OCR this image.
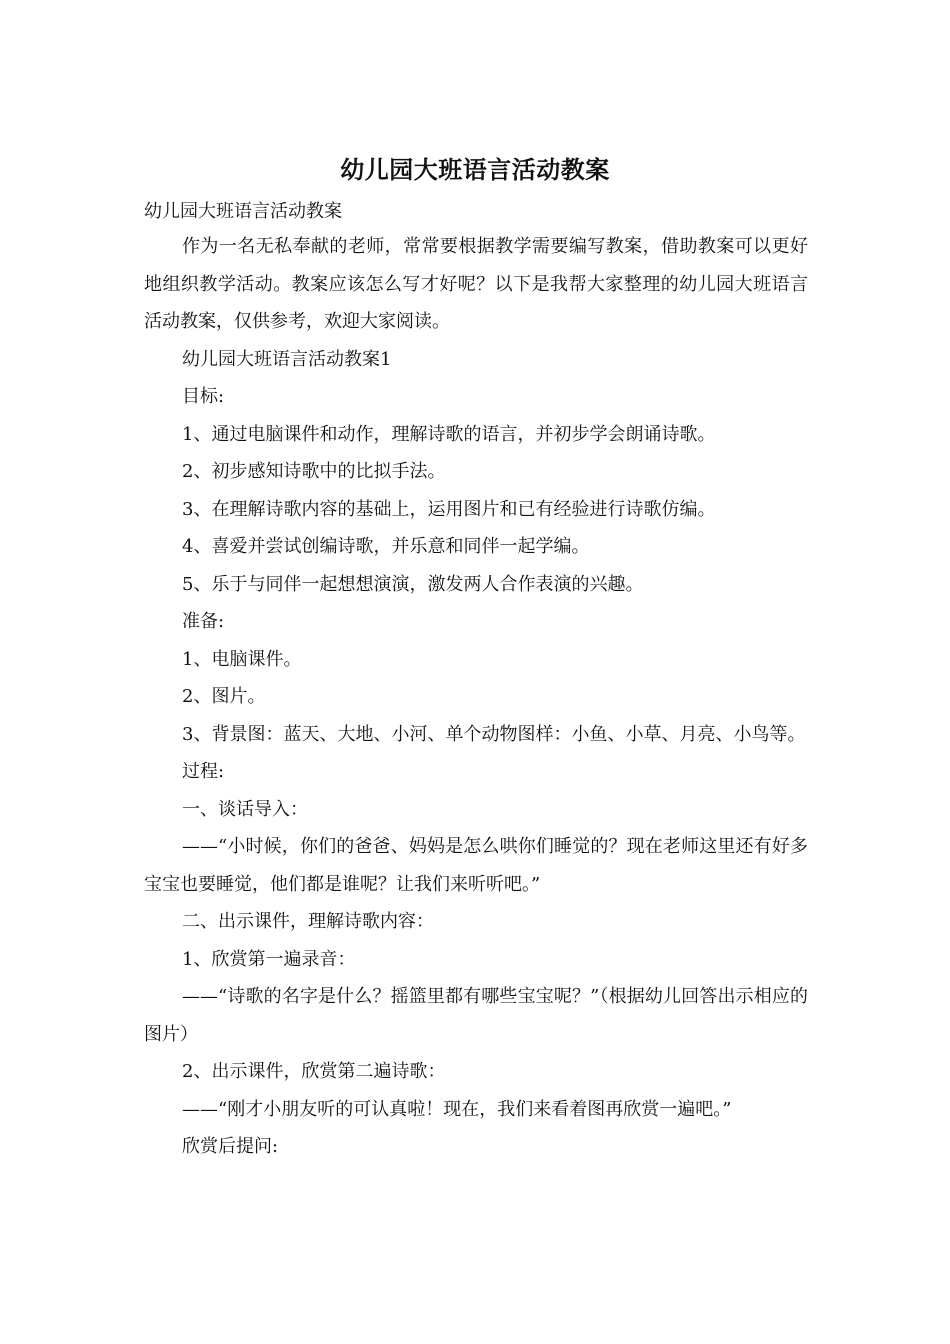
幼儿园大班语言活动教案
幼儿园大班语言活动教案

作为一名无私奉献的老师，常常要根据教学需要编写教案，借助教案可以更好地组织教学活动。教案应该怎么写才好呢？以下是我帮大家整理的幼儿园大班语言活动教案，仅供参考，欢迎大家阅读。

幼儿园大班语言活动教案1

目标:

1、通过电脑课件和动作，理解诗歌的语言，并初步学会朗诵诗歌。

2、初步感知诗歌中的比拟手法。

3、在理解诗歌内容的基础上，运用图片和已有经验进行诗歌仿编。

4、喜爱并尝试创编诗歌，并乐意和同伴一起学编。

5、乐于与同伴一起想想演演，激发两人合作表演的兴趣。

准备:

1、电脑课件。

2、图片。

3、背景图：蓝天、大地、小河、单个动物图样：小鱼、小草、月亮、小鸟等。

过程:

一、谈话导入：

——“小时候，你们的爸爸、妈妈是怎么哄你们睡觉的？现在老师这里还有好多宝宝也要睡觉，他们都是谁呢？让我们来听听吧。”

二、出示课件，理解诗歌内容：

1、欣赏第一遍录音：

——“诗歌的名字是什么？摇篮里都有哪些宝宝呢？”（根据幼儿回答出示相应的图片）

2、出示课件，欣赏第二遍诗歌：

——“刚才小朋友听的可认真啦！现在，我们来看着图再欣赏一遍吧。”

欣赏后提问:
